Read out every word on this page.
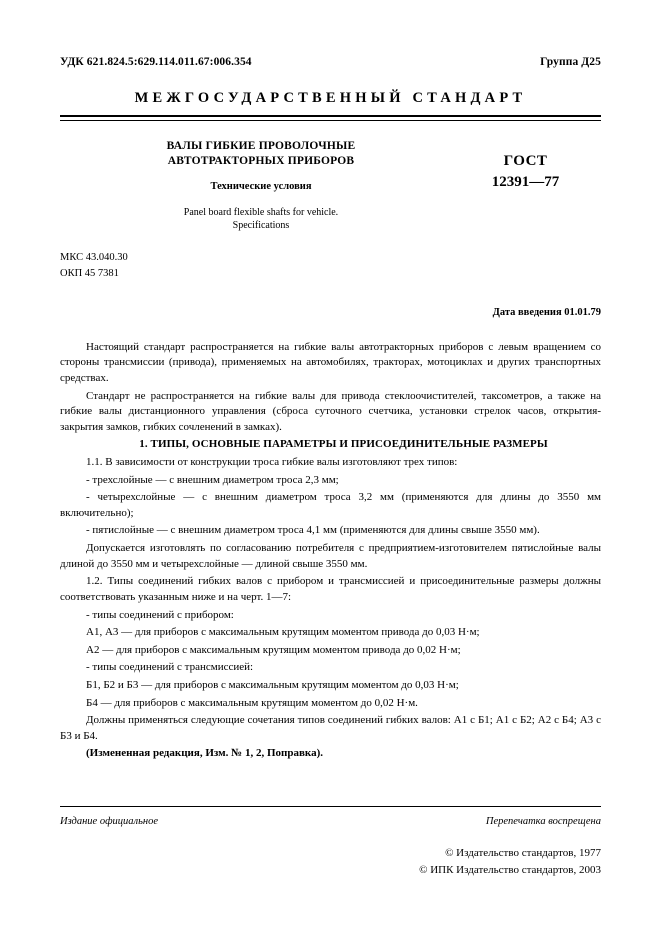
УДК 621.824.5:629.114.011.67:006.354	Группа Д25
МЕЖГОСУДАРСТВЕННЫЙ СТАНДАРТ
ВАЛЫ ГИБКИЕ ПРОВОЛОЧНЫЕ
АВТОТРАКТОРНЫХ ПРИБОРОВ
Технические условия
Panel board flexible shafts for vehicle.
Specifications
ГОСТ
12391—77
МКС 43.040.30
ОКП 45 7381
Дата введения 01.01.79

Настоящий стандарт распространяется на гибкие валы автотракторных приборов с левым вращением со стороны трансмиссии (привода), применяемых на автомобилях, тракторах, мотоциклах и других транспортных средствах.

Стандарт не распространяется на гибкие валы для привода стеклоочистителей, таксометров, а также на гибкие валы дистанционного управления (сброса суточного счетчика, установки стрелок часов, открытия-закрытия замков, гибких сочленений в замках).

1. ТИПЫ, ОСНОВНЫЕ ПАРАМЕТРЫ И ПРИСОЕДИНИТЕЛЬНЫЕ РАЗМЕРЫ

1.1. В зависимости от конструкции троса гибкие валы изготовляют трех типов:

- трехслойные — с внешним диаметром троса 2,3 мм;

- четырехслойные — с внешним диаметром троса 3,2 мм (применяются для длины до 3550 мм включительно);

- пятислойные — с внешним диаметром троса 4,1 мм (применяются для длины свыше 3550 мм).

Допускается изготовлять по согласованию потребителя с предприятием-изготовителем пятислойные валы длиной до 3550 мм и четырехслойные — длиной свыше 3550 мм.

1.2. Типы соединений гибких валов с прибором и трансмиссией и присоединительные размеры должны соответствовать указанным ниже и на черт. 1—7:

- типы соединений с прибором:

А1, А3 — для приборов с максимальным крутящим моментом привода до 0,03 Н·м;

А2 — для приборов с максимальным крутящим моментом привода до 0,02 Н·м;

- типы соединений с трансмиссией:

Б1, Б2 и Б3 — для приборов с максимальным крутящим моментом до 0,03 Н·м;

Б4 — для приборов с максимальным крутящим моментом до 0,02 Н·м.

Должны применяться следующие сочетания типов соединений гибких валов: А1 с Б1; А1 с Б2; А2 с Б4; А3 с Б3 и Б4.

(Измененная редакция, Изм. № 1, 2, Поправка).

Издание официальное	Перепечатка воспрещена
© Издательство стандартов, 1977
© ИПК Издательство стандартов, 2003
